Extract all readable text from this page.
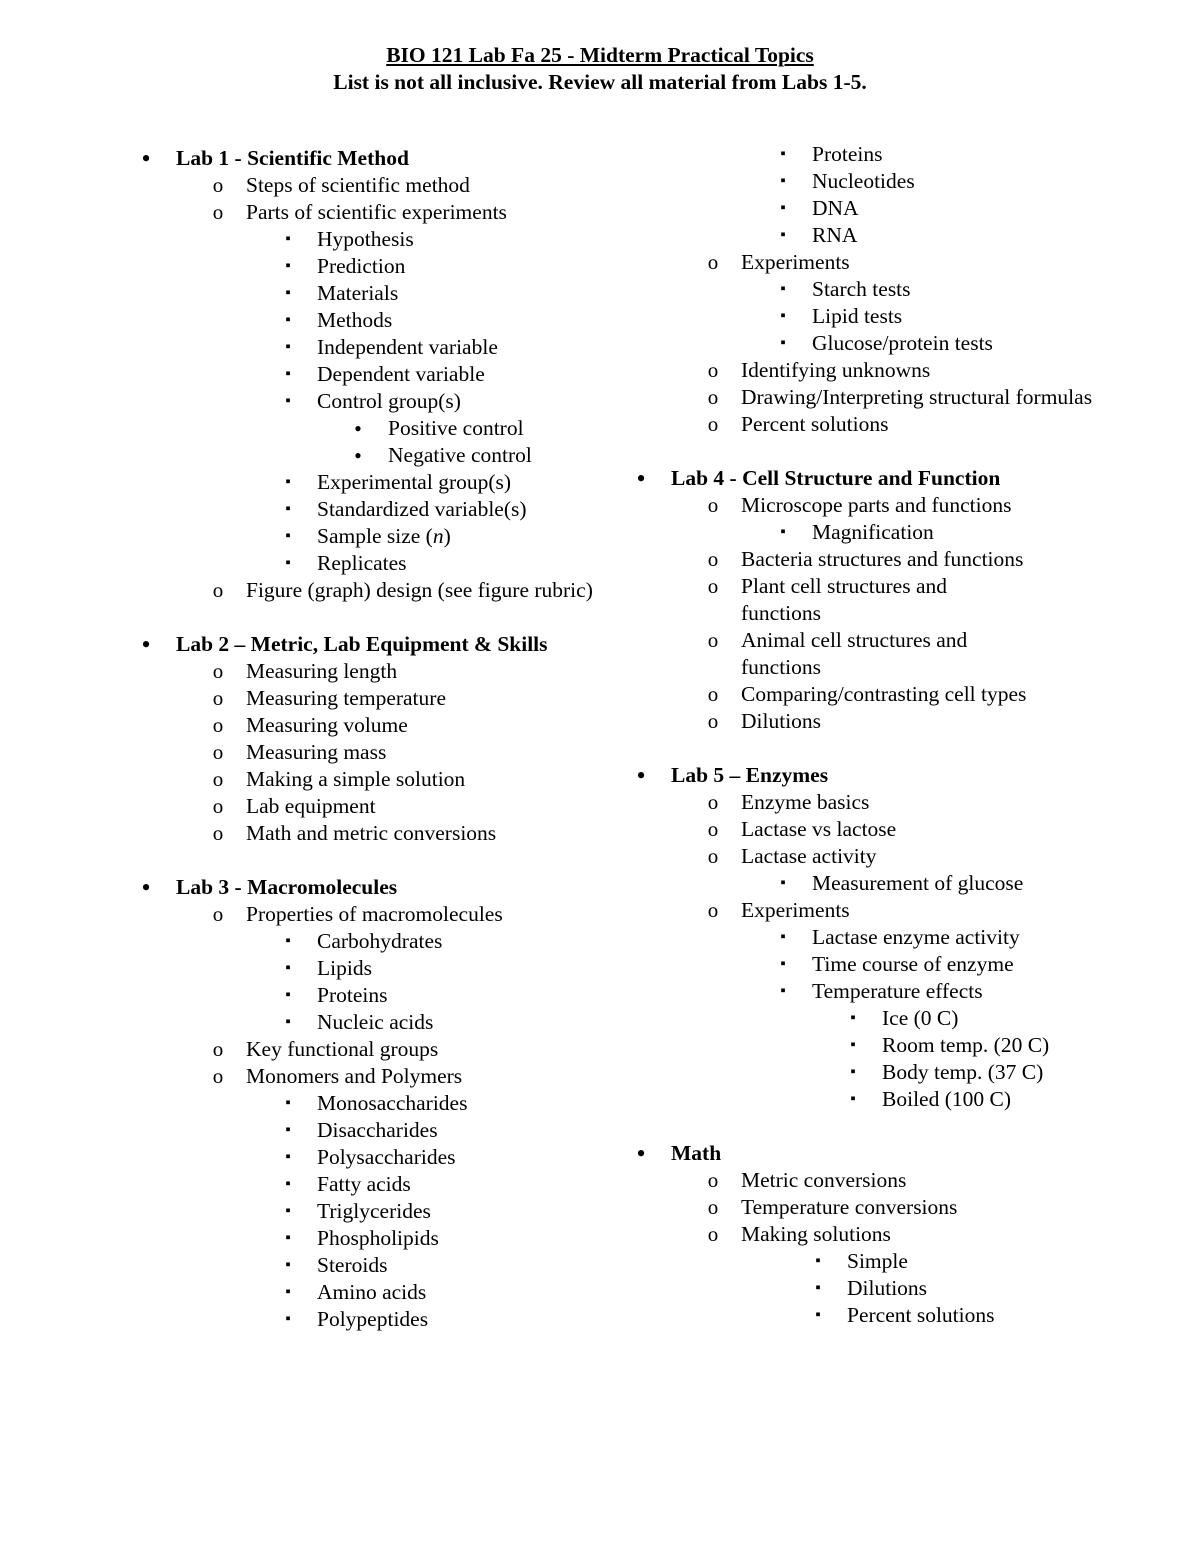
BIO 121 Lab Fa 25 - Midterm Practical Topics
List is not all inclusive. Review all material from Labs 1-5.
• Lab 1 - Scientific Method
o Steps of scientific method
o Parts of scientific experiments
▪	Hypothesis
▪	Prediction
▪	Materials
▪	Methods
▪	Independent variable
▪	Dependent variable
▪	Control group(s)
• Positive control
• Negative control
▪	Experimental group(s)
▪	Standardized variable(s)
▪	Sample size (n)
▪	Replicates
o Figure (graph) design (see figure rubric)
• Lab 2 – Metric, Lab Equipment & Skills
o Measuring length
o Measuring temperature
o Measuring volume
o Measuring mass
o Making a simple solution
o Lab equipment
o Math and metric conversions
• Lab 3 - Macromolecules
o Properties of macromolecules
▪	Carbohydrates
▪	Lipids
▪	Proteins
▪	Nucleic acids
o Key functional groups
o Monomers and Polymers
▪	Monosaccharides
▪	Disaccharides
▪	Polysaccharides
▪	Fatty acids
▪	Triglycerides
▪	Phospholipids
▪	Steroids
▪	Amino acids
▪	Polypeptides
▪	Proteins
▪	Nucleotides
▪	DNA
▪	RNA
o Experiments
▪	Starch tests
▪	Lipid tests
▪	Glucose/protein tests
o Identifying unknowns
o Drawing/Interpreting structural formulas
o Percent solutions
• Lab 4 - Cell Structure and Function
o Microscope parts and functions
▪	Magnification
o Bacteria structures and functions
o Plant cell structures and functions
o Animal cell structures and functions
o Comparing/contrasting cell types
o Dilutions
• Lab 5 – Enzymes
o Enzyme basics
o Lactase vs lactose
o Lactase activity
▪	Measurement of glucose
o Experiments
▪	Lactase enzyme activity
▪	Time course of enzyme
▪	Temperature effects
▪	Ice (0 C)
▪	Room temp. (20 C)
▪	Body temp. (37 C)
▪	Boiled (100 C)
• Math
o Metric conversions
o Temperature conversions
o Making solutions
▪	Simple
▪	Dilutions
▪	Percent solutions
